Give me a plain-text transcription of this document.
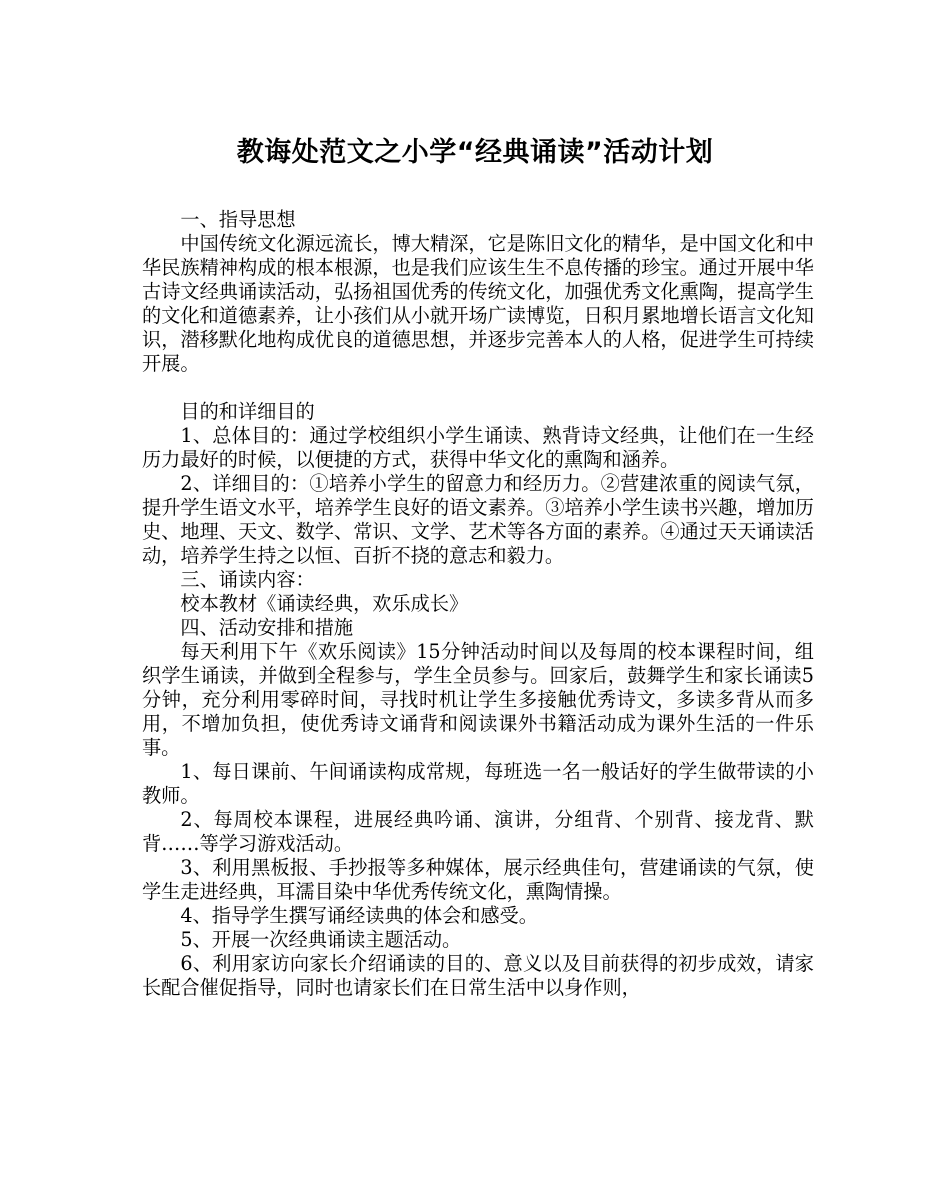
教诲处范文之小学“经典诵读”活动计划

一、指导思想

中国传统文化源远流长，博大精深，它是陈旧文化的精华，是中国文化和中华民族精神构成的根本根源，也是我们应该生生不息传播的珍宝。通过开展中华古诗文经典诵读活动，弘扬祖国优秀的传统文化，加强优秀文化熏陶，提高学生的文化和道德素养，让小孩们从小就开场广读博览，日积月累地增长语言文化知识，潜移默化地构成优良的道德思想，并逐步完善本人的人格，促进学生可持续开展。

目的和详细目的

1、总体目的：通过学校组织小学生诵读、熟背诗文经典，让他们在一生经历力最好的时候，以便捷的方式，获得中华文化的熏陶和涵养。

2、详细目的：①培养小学生的留意力和经历力。②营建浓重的阅读气氛，提升学生语文水平，培养学生良好的语文素养。③培养小学生读书兴趣，增加历史、地理、天文、数学、常识、文学、艺术等各方面的素养。④通过天天诵读活动，培养学生持之以恒、百折不挠的意志和毅力。

三、诵读内容：

校本教材《诵读经典，欢乐成长》

四、活动安排和措施

每天利用下午《欢乐阅读》15分钟活动时间以及每周的校本课程时间，组织学生诵读，并做到全程参与，学生全员参与。回家后，鼓舞学生和家长诵读5分钟，充分利用零碎时间，寻找时机让学生多接触优秀诗文，多读多背从而多用，不增加负担，使优秀诗文诵背和阅读课外书籍活动成为课外生活的一件乐事。

1、每日课前、午间诵读构成常规，每班选一名一般话好的学生做带读的小教师。

2、每周校本课程，进展经典吟诵、演讲，分组背、个别背、接龙背、默背……等学习游戏活动。

3、利用黑板报、手抄报等多种媒体，展示经典佳句，营建诵读的气氛，使学生走进经典，耳濡目染中华优秀传统文化，熏陶情操。

4、指导学生撰写诵经读典的体会和感受。

5、开展一次经典诵读主题活动。

6、利用家访向家长介绍诵读的目的、意义以及目前获得的初步成效，请家长配合催促指导，同时也请家长们在日常生活中以身作则，
